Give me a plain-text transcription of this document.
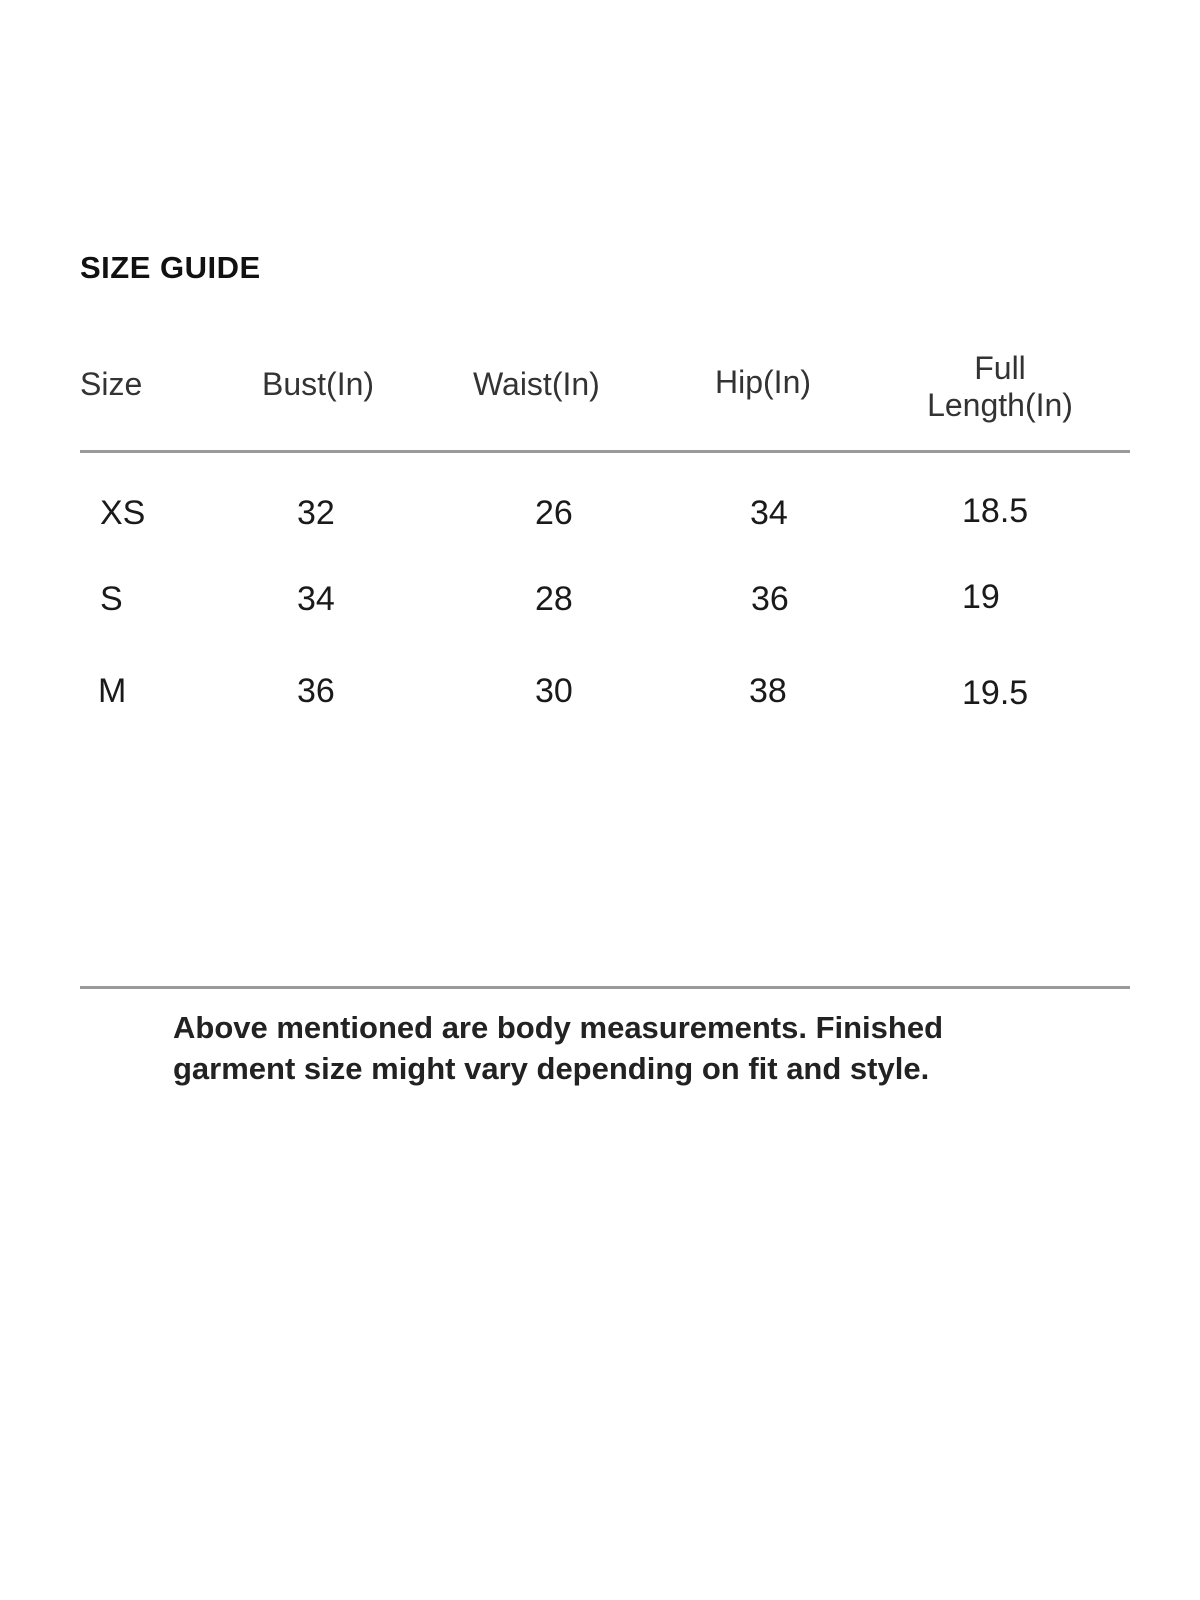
SIZE GUIDE
Size	Bust(In)	Waist(In)	Hip(In)	Full
Length(In)
XS	32	26	34	18.5
S	34	28	36	19
M	36	30	38	19.5
Above mentioned are body measurements. Finished garment size might vary depending on fit and style.
